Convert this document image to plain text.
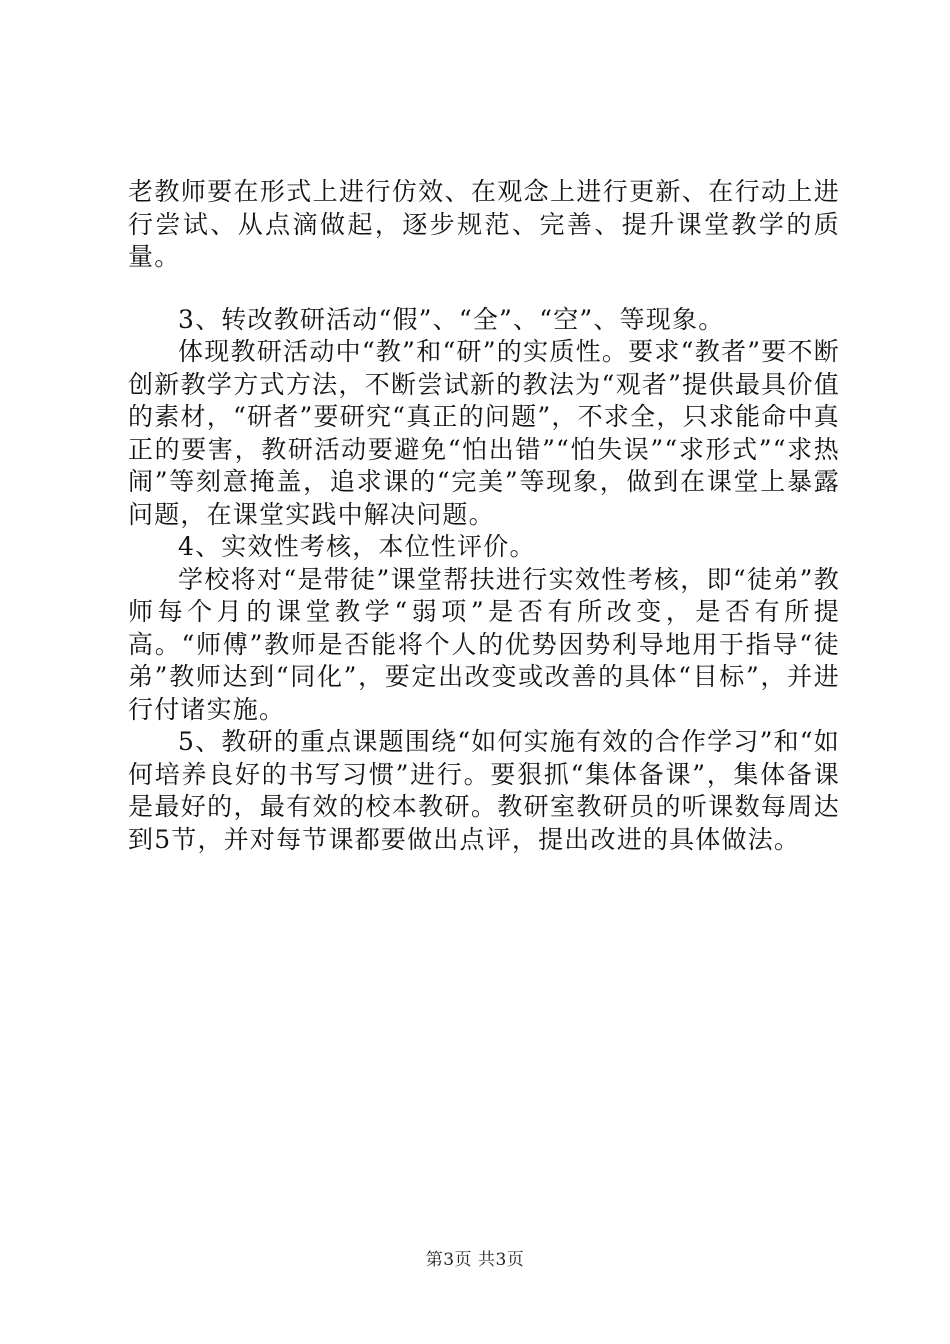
老教师要在形式上进行仿效、在观念上进行更新、在行动上进行尝试、从点滴做起，逐步规范、完善、提升课堂教学的质量。

3、转改教研活动“假”、“全”、“空”、等现象。

体现教研活动中“教”和“研”的实质性。要求“教者”要不断创新教学方式方法，不断尝试新的教法为“观者”提供最具价值的素材，“研者”要研究“真正的问题”，不求全，只求能命中真正的要害，教研活动要避免“怕出错”“怕失误”“求形式”“求热闹”等刻意掩盖，追求课的“完美”等现象，做到在课堂上暴露问题，在课堂实践中解决问题。

4、实效性考核，本位性评价。

学校将对“是带徒”课堂帮扶进行实效性考核，即“徒弟”教师每个月的课堂教学“弱项”是否有所改变，是否有所提高。“师傅”教师是否能将个人的优势因势利导地用于指导“徒弟”教师达到“同化”，要定出改变或改善的具体“目标”，并进行付诸实施。

5、教研的重点课题围绕“如何实施有效的合作学习”和“如何培养良好的书写习惯”进行。要狠抓“集体备课”，集体备课是最好的，最有效的校本教研。教研室教研员的听课数每周达到5节，并对每节课都要做出点评，提出改进的具体做法。

第3页 共3页
